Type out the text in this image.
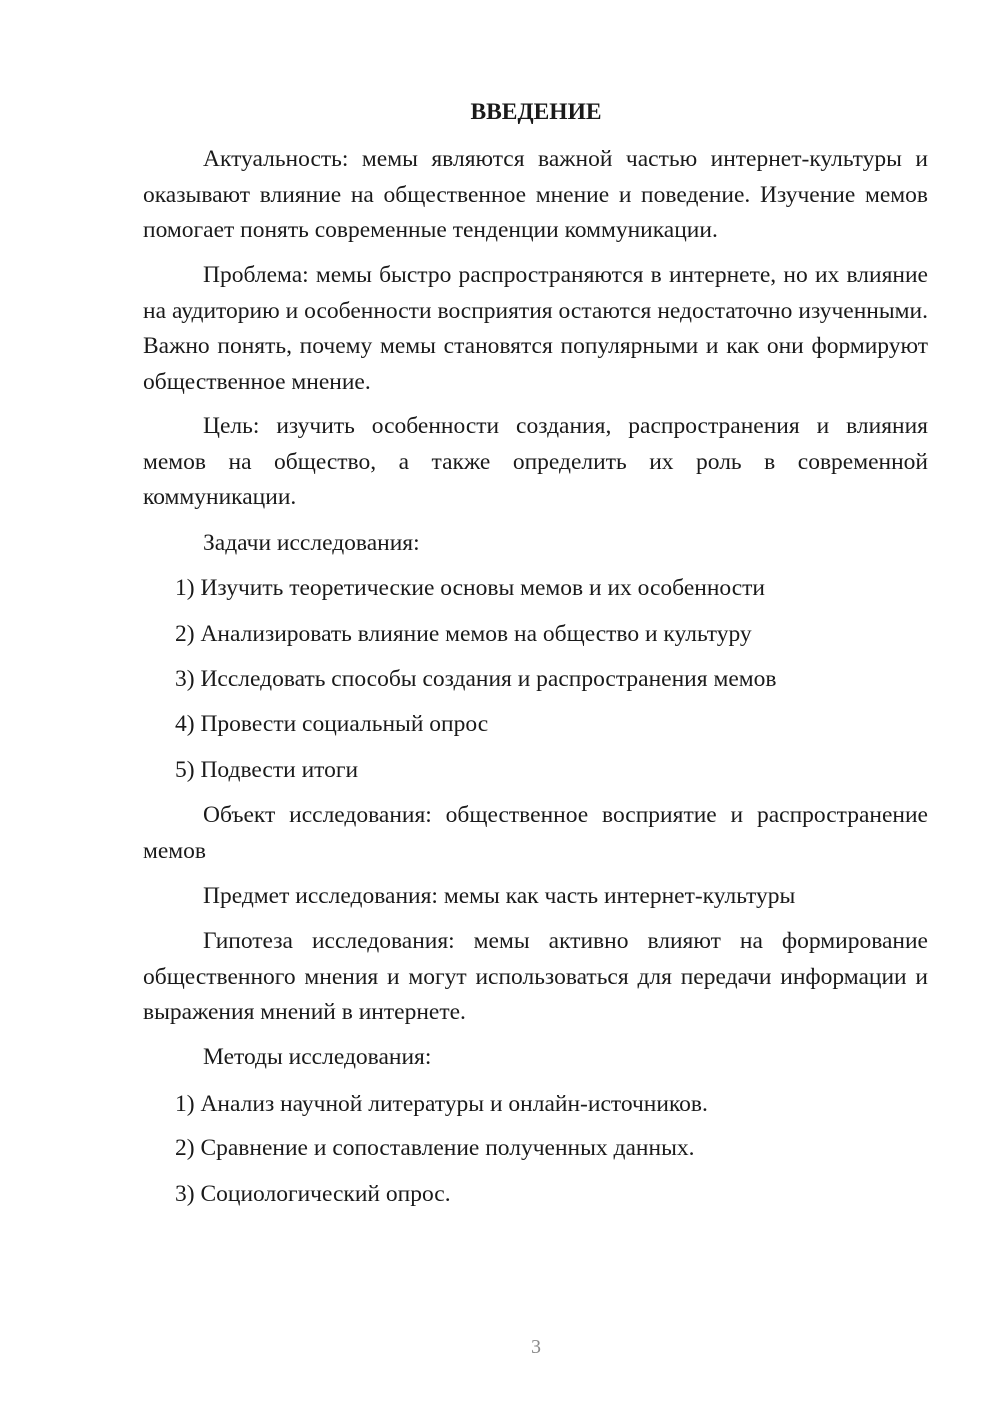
ВВЕДЕНИЕ

Актуальность: мемы являются важной частью интернет-культуры и оказывают влияние на общественное мнение и поведение. Изучение мемов помогает понять современные тенденции коммуникации.

Проблема: мемы быстро распространяются в интернете, но их влияние на аудиторию и особенности восприятия остаются недостаточно изученными. Важно понять, почему мемы становятся популярными и как они формируют общественное мнение.

Цель: изучить особенности создания, распространения и влияния мемов на общество, а также определить их роль в современной коммуникации.

Задачи исследования:

1) Изучить теоретические основы мемов и их особенности

2) Анализировать влияние мемов на общество и культуру

3) Исследовать способы создания и распространения мемов

4) Провести социальный опрос

5) Подвести итоги

Объект исследования: общественное восприятие и распространение мемов

Предмет исследования: мемы как часть интернет-культуры

Гипотеза исследования: мемы активно влияют на формирование общественного мнения и могут использоваться для передачи информации и выражения мнений в интернете.

Методы исследования:

1) Анализ научной литературы и онлайн-источников.

2) Сравнение и сопоставление полученных данных.

3) Социологический опрос.

3
